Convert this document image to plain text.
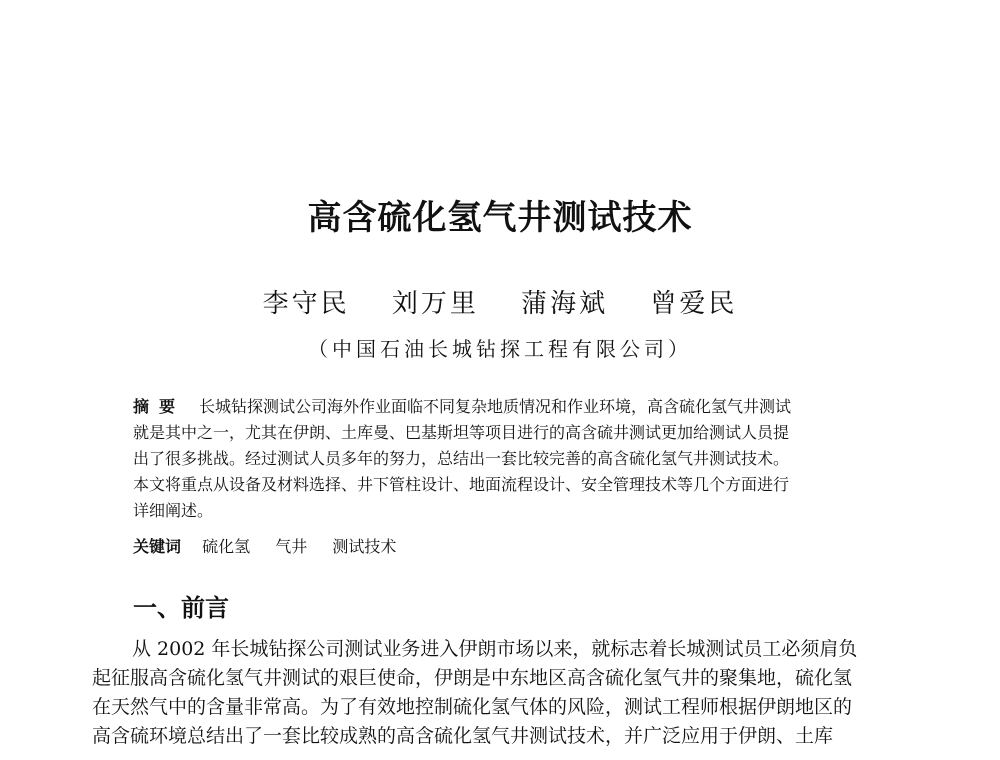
高含硫化氢气井测试技术
李守民 刘万里 蒲海斌 曾爱民
（中国石油长城钻探工程有限公司）
摘要 长城钻探测试公司海外作业面临不同复杂地质情况和作业环境，高含硫化氢气井测试
就是其中之一，尤其在伊朗、土库曼、巴基斯坦等项目进行的高含硫井测试更加给测试人员提
出了很多挑战。经过测试人员多年的努力，总结出一套比较完善的高含硫化氢气井测试技术。
本文将重点从设备及材料选择、井下管柱设计、地面流程设计、安全管理技术等几个方面进行
详细阐述。
关键词 硫化氢 气井 测试技术
一、前言
从 2002 年长城钻探公司测试业务进入伊朗市场以来，就标志着长城测试员工必须肩负
起征服高含硫化氢气井测试的艰巨使命，伊朗是中东地区高含硫化氢气井的聚集地，硫化氢
在天然气中的含量非常高。为了有效地控制硫化氢气体的风险，测试工程师根据伊朗地区的
高含硫环境总结出了一套比较成熟的高含硫化氢气井测试技术，并广泛应用于伊朗、土库
